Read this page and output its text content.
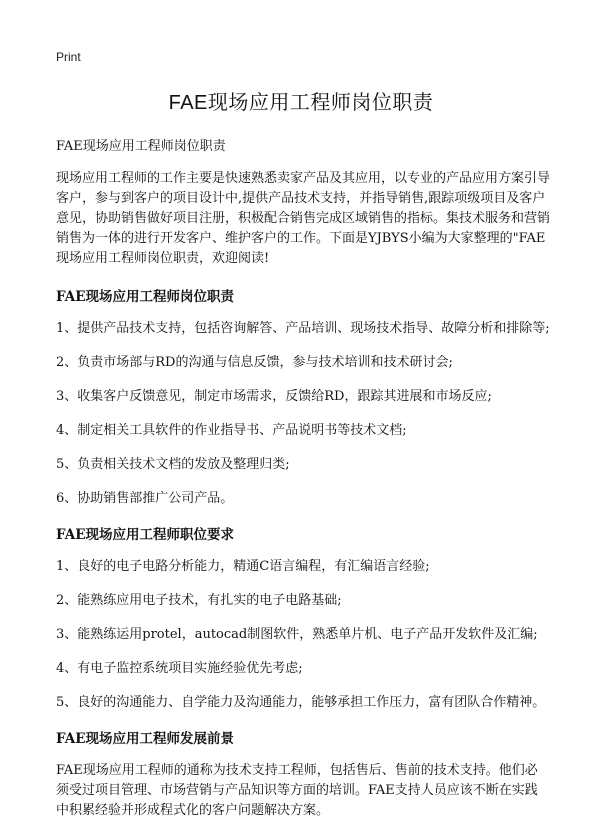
Print
FAE现场应用工程师岗位职责

FAE现场应用工程师岗位职责

现场应用工程师的工作主要是快速熟悉卖家产品及其应用，以专业的产品应用方案引导客户，参与到客户的项目设计中,提供产品技术支持，并指导销售,跟踪项级项目及客户意见，协助销售做好项目注册，积极配合销售完成区域销售的指标。集技术服务和营销销售为一体的进行开发客户、维护客户的工作。下面是YJBYS小编为大家整理的"FAE现场应用工程师岗位职责，欢迎阅读!

FAE现场应用工程师岗位职责

1、提供产品技术支持，包括咨询解答、产品培训、现场技术指导、故障分析和排除等;
2、负责市场部与RD的沟通与信息反馈，参与技术培训和技术研讨会;
3、收集客户反馈意见，制定市场需求，反馈给RD，跟踪其进展和市场反应;
4、制定相关工具软件的作业指导书、产品说明书等技术文档;
5、负责相关技术文档的发放及整理归类;
6、协助销售部推广公司产品。

FAE现场应用工程师职位要求

1、良好的电子电路分析能力，精通C语言编程，有汇编语言经验;
2、能熟练应用电子技术，有扎实的电子电路基础;
3、能熟练运用protel，autocad制图软件，熟悉单片机、电子产品开发软件及汇编;
4、有电子监控系统项目实施经验优先考虑;
5、良好的沟通能力、自学能力及沟通能力，能够承担工作压力，富有团队合作精神。

FAE现场应用工程师发展前景

FAE现场应用工程师的通称为技术支持工程师，包括售后、售前的技术支持。他们必须受过项目管理、市场营销与产品知识等方面的培训。FAE支持人员应该不断在实践中积累经验并形成程式化的客户问题解决方案。
